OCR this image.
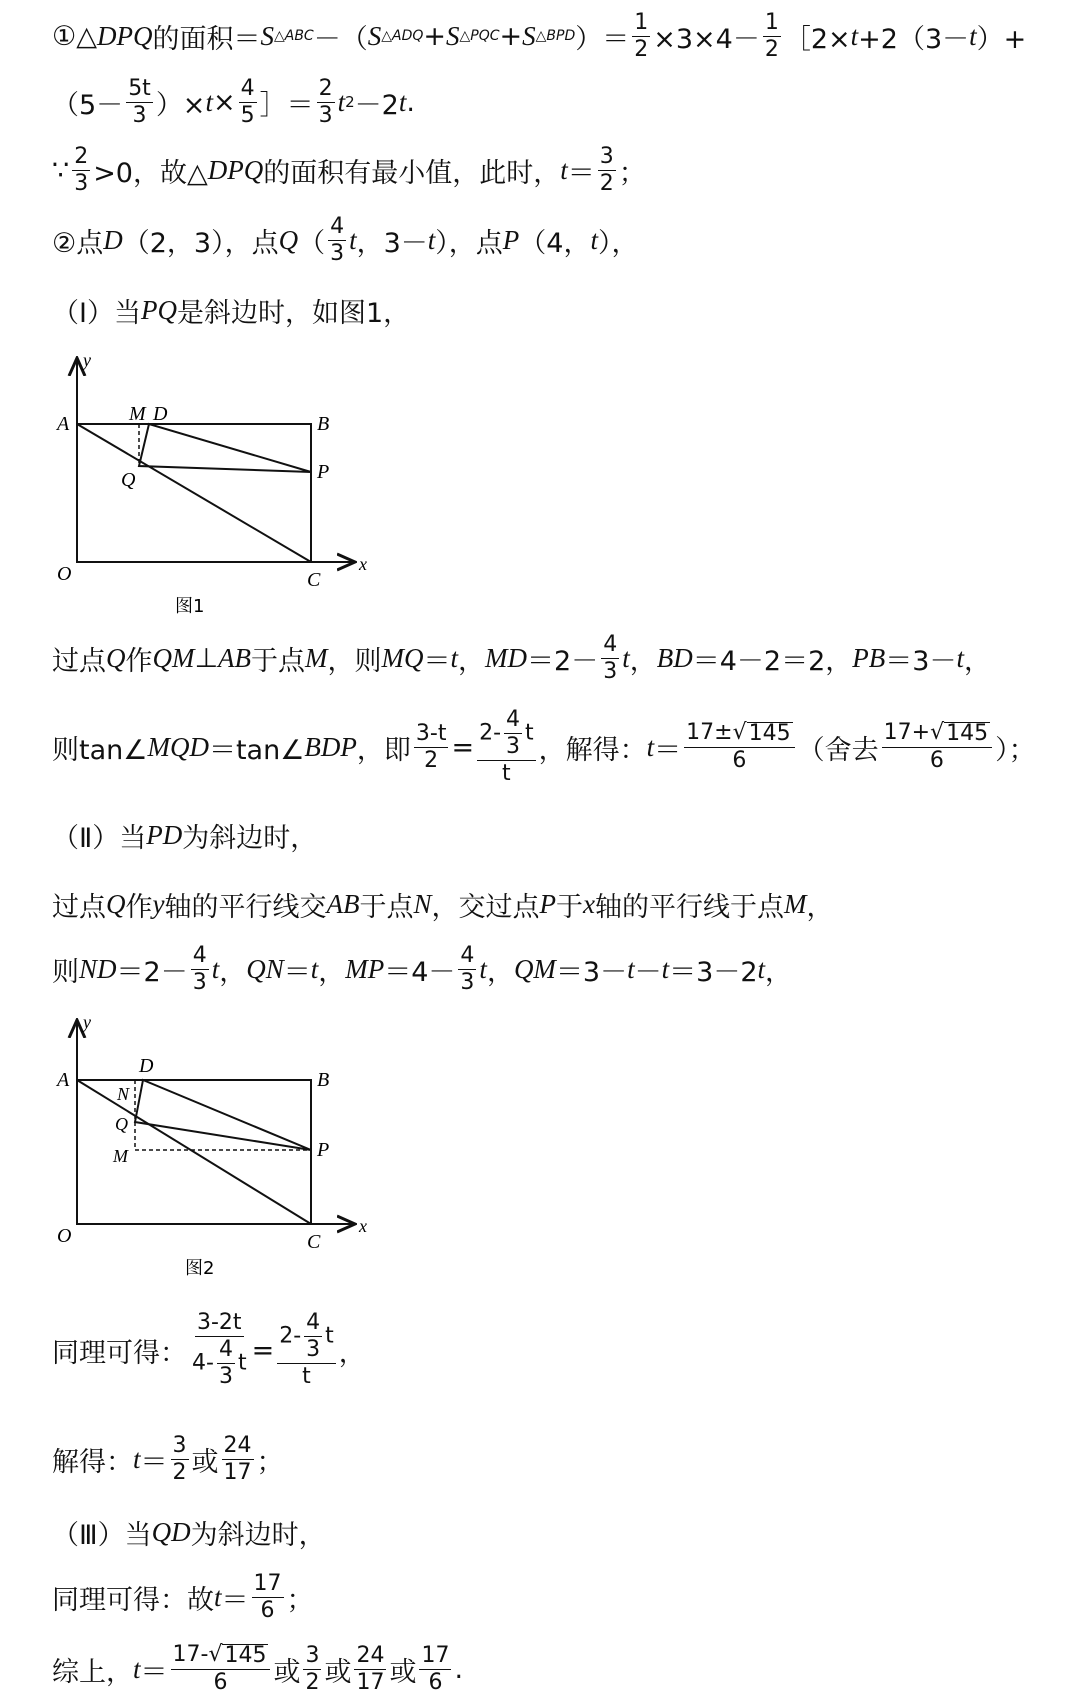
①△ DPQ 的面积＝ S △ABC －（ S △ADQ + S △PQC + S △BPD ）＝ $\frac{1}{2} \times 3\times 4- \frac{1}{2}$ ［2× t +2（3－ t ）+
（$5- \frac{5t}{3}$ ）× $t \times \frac{4}{5}$ ］＝ $\frac{2}{3}$ t 2 －2 t .
∵ $\frac{2}{3} >0$，故△ DPQ 的面积有最小值，此时， $t = \frac{3}{2}$ ；
②点 D （2，3），点 Q （ $\frac{4}{3}$ t ，3－ t ），点 P （4， t ），
（Ⅰ）当 PQ 是斜边时，如图1，
y
x
O
A	B
C
D
M
P
Q
图1
过点 Q 作 QM ⊥ AB 于点 M ，则 MQ ＝ t ， MD $=2- \frac{4}{3}$ t ， BD ＝4－2＝2， PB ＝3－ t ，
则tan∠ MQD ＝tan∠ BDP ，即 $\frac{3-t}{2} = \frac{2- \frac{4}{3} t}{t}$ ，解得： $t = \frac{17\pm √ 145}{6}$ （舍去 $\frac{17+ √ 145}{6}$ ）；
（Ⅱ）当 PD 为斜边时，
过点 Q 作 y 轴的平行线交 AB 于点 N ，交过点 P 于 x 轴的平行线于点 M ，
则 ND $=2- \frac{4}{3}$ t ， QN ＝ t ， MP $=4- \frac{4}{3}$ t ， QM ＝3－ t － t ＝3－2 t ，
y
x
O
A	B
C
D
N
Q
M	P
图2
同理可得： $\frac{3-2t}{4- \frac{4}{3} t} = \frac{2- \frac{4}{3} t}{t}$ ，
解得： $t = \frac{3}{2}$ 或 $\frac{24}{17}$ ；
（Ⅲ）当 QD 为斜边时，
同理可得：故 $t = \frac{17}{6}$ ；
综上， $t = \frac{17- √ 145}{6}$ 或 $\frac{3}{2}$ 或 $\frac{24}{17}$ 或 $\frac{17}{6}$ .
